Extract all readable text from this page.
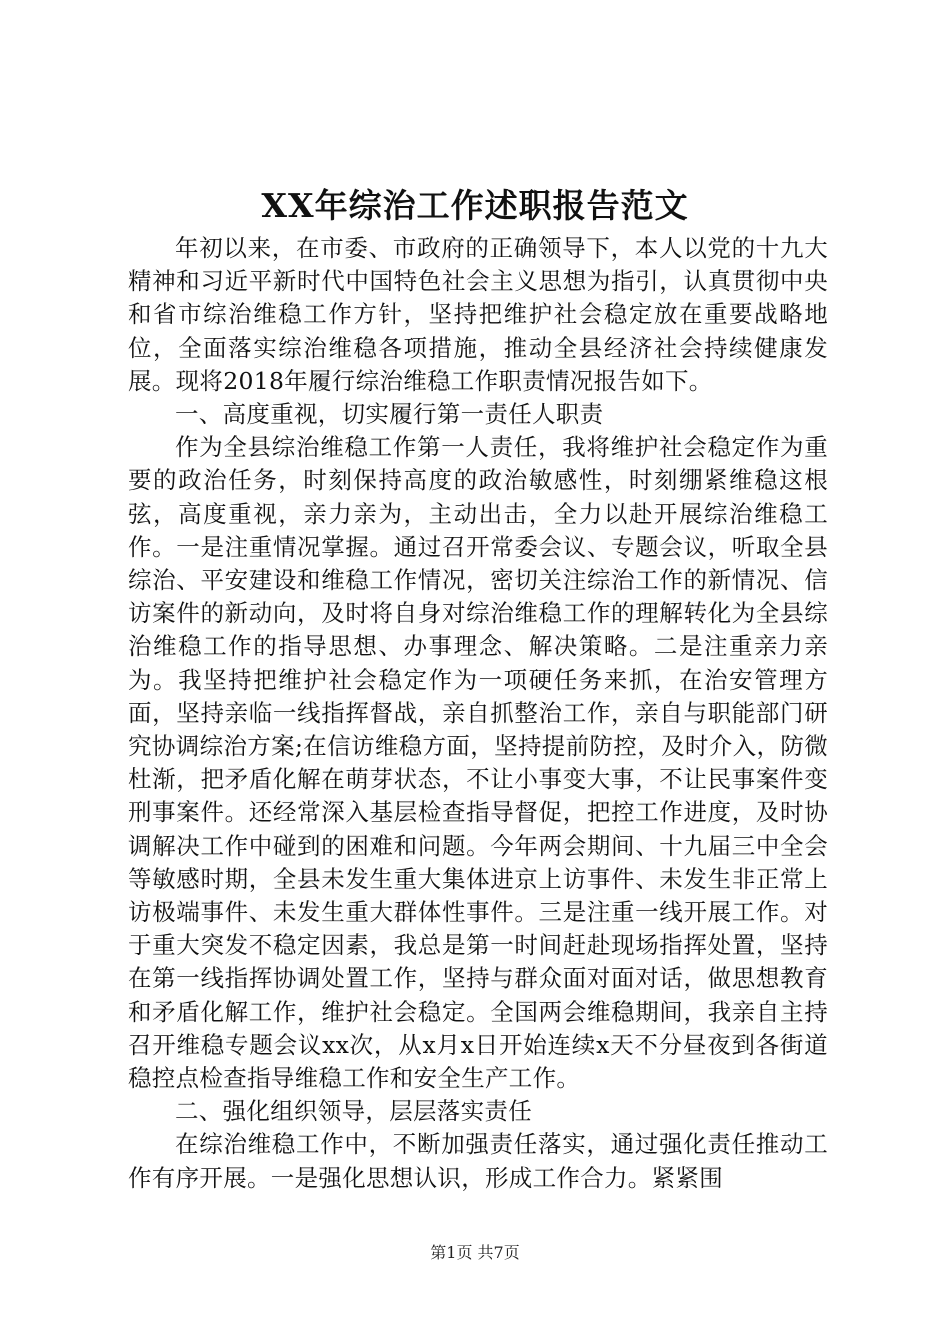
XX年综治工作述职报告范文

年初以来，在市委、市政府的正确领导下，本人以党的十九大精神和习近平新时代中国特色社会主义思想为指引，认真贯彻中央和省市综治维稳工作方针，坚持把维护社会稳定放在重要战略地位，全面落实综治维稳各项措施，推动全县经济社会持续健康发展。现将2018年履行综治维稳工作职责情况报告如下。

一、高度重视，切实履行第一责任人职责

作为全县综治维稳工作第一人责任，我将维护社会稳定作为重要的政治任务，时刻保持高度的政治敏感性，时刻绷紧维稳这根弦，高度重视，亲力亲为，主动出击，全力以赴开展综治维稳工作。一是注重情况掌握。通过召开常委会议、专题会议，听取全县综治、平安建设和维稳工作情况，密切关注综治工作的新情况、信访案件的新动向，及时将自身对综治维稳工作的理解转化为全县综治维稳工作的指导思想、办事理念、解决策略。二是注重亲力亲为。我坚持把维护社会稳定作为一项硬任务来抓，在治安管理方面，坚持亲临一线指挥督战，亲自抓整治工作，亲自与职能部门研究协调综治方案;在信访维稳方面，坚持提前防控，及时介入，防微杜渐，把矛盾化解在萌芽状态，不让小事变大事，不让民事案件变刑事案件。还经常深入基层检查指导督促，把控工作进度，及时协调解决工作中碰到的困难和问题。今年两会期间、十九届三中全会等敏感时期，全县未发生重大集体进京上访事件、未发生非正常上访极端事件、未发生重大群体性事件。三是注重一线开展工作。对于重大突发不稳定因素，我总是第一时间赶赴现场指挥处置，坚持在第一线指挥协调处置工作，坚持与群众面对面对话，做思想教育和矛盾化解工作，维护社会稳定。全国两会维稳期间，我亲自主持召开维稳专题会议xx次，从x月x日开始连续x天不分昼夜到各街道稳控点检查指导维稳工作和安全生产工作。

二、强化组织领导，层层落实责任

在综治维稳工作中，不断加强责任落实，通过强化责任推动工作有序开展。一是强化思想认识，形成工作合力。紧紧围

第1页 共7页
